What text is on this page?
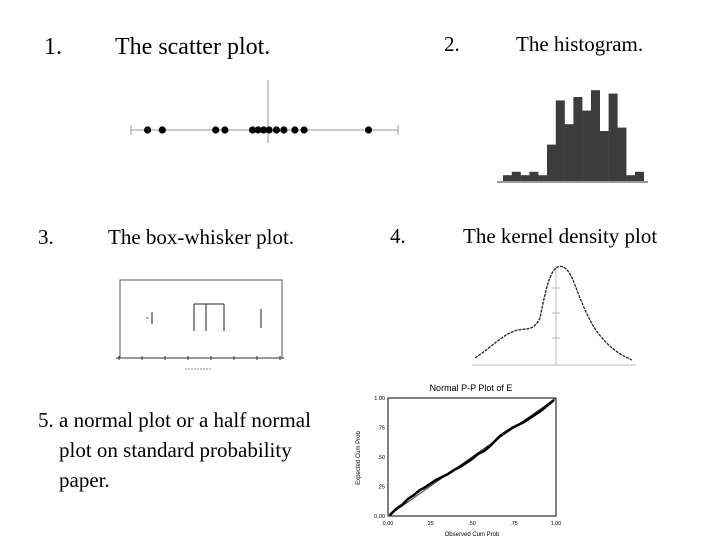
1. The scatter plot.	2.	The histogram.
3.	The box-whisker plot.	4.	The kernel density plot
5. a normal plot or a half normal plot on standard probability paper.
Normal P-P Plot of E
Expected Cum Prob
0.00
0.00
.25
.25
.50
.50
.75
.75
1.00
1.00
Observed Cum Prob
